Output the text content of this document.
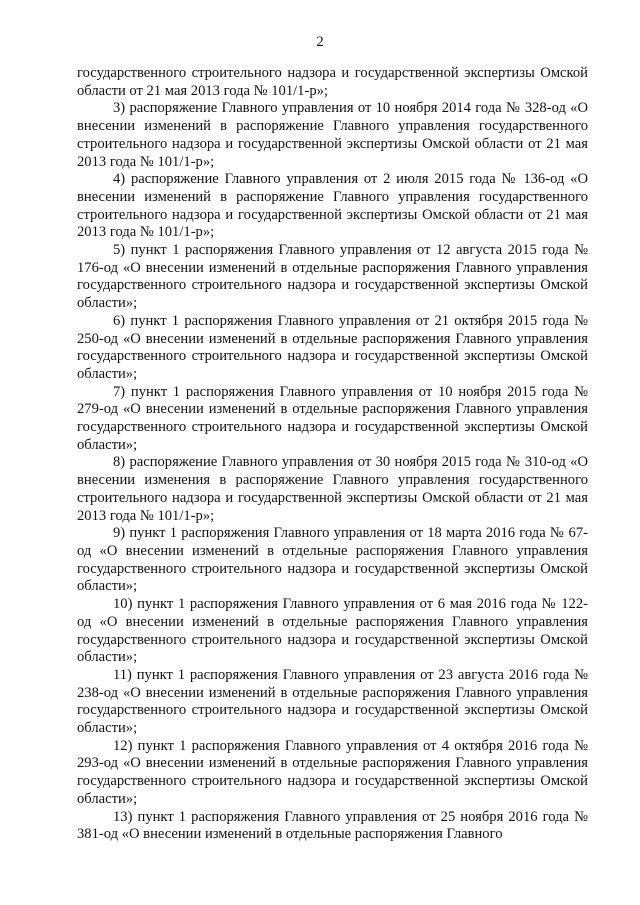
2

государственного строительного надзора и государственной экспертизы Омской области от 21 мая 2013 года № 101/1-р»;

3) распоряжение Главного управления от 10 ноября 2014 года № 328-од «О внесении изменений в распоряжение Главного управления государственного строительного надзора и государственной экспертизы Омской области от 21 мая 2013 года № 101/1-р»;

4) распоряжение Главного управления от 2 июля 2015 года № 136-од «О внесении изменений в распоряжение Главного управления государственного строительного надзора и государственной экспертизы Омской области от 21 мая 2013 года № 101/1-р»;

5) пункт 1 распоряжения Главного управления от 12 августа 2015 года № 176-од «О внесении изменений в отдельные распоряжения Главного управления государственного строительного надзора и государственной экспертизы Омской области»;

6) пункт 1 распоряжения Главного управления от 21 октября 2015 года № 250-од «О внесении изменений в отдельные распоряжения Главного управления государственного строительного надзора и государственной экспертизы Омской области»;

7) пункт 1 распоряжения Главного управления от 10 ноября 2015 года № 279-од «О внесении изменений в отдельные распоряжения Главного управления государственного строительного надзора и государственной экспертизы Омской области»;

8) распоряжение Главного управления от 30 ноября 2015 года № 310-од «О внесении изменения в распоряжение Главного управления государственного строительного надзора и государственной экспертизы Омской области от 21 мая 2013 года № 101/1-р»;

9) пункт 1 распоряжения Главного управления от 18 марта 2016 года № 67-од «О внесении изменений в отдельные распоряжения Главного управления государственного строительного надзора и государственной экспертизы Омской области»;

10) пункт 1 распоряжения Главного управления от 6 мая 2016 года № 122-од «О внесении изменений в отдельные распоряжения Главного управления государственного строительного надзора и государственной экспертизы Омской области»;

11) пункт 1 распоряжения Главного управления от 23 августа 2016 года № 238-од «О внесении изменений в отдельные распоряжения Главного управления государственного строительного надзора и государственной экспертизы Омской области»;

12) пункт 1 распоряжения Главного управления от 4 октября 2016 года № 293-од «О внесении изменений в отдельные распоряжения Главного управления государственного строительного надзора и государственной экспертизы Омской области»;

13) пункт 1 распоряжения Главного управления от 25 ноября 2016 года № 381-од «О внесении изменений в отдельные распоряжения Главного
